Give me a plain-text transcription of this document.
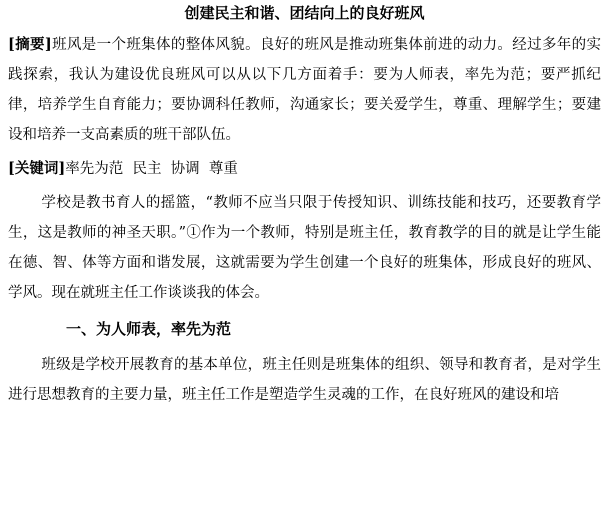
创建民主和谐、团结向上的良好班风

[摘要]班风是一个班集体的整体风貌。良好的班风是推动班集体前进的动力。经过多年的实践探索，我认为建设优良班风可以从以下几方面着手：要为人师表，率先为范；要严抓纪律，培养学生自育能力；要协调科任教师，沟通家长；要关爱学生，尊重、理解学生；要建设和培养一支高素质的班干部队伍。

[关键词]率先为范  民主  协调  尊重

学校是教书育人的摇篮，“教师不应当只限于传授知识、训练技能和技巧，还要教育学生，这是教师的神圣天职。”①作为一个教师，特别是班主任，教育教学的目的就是让学生能在德、智、体等方面和谐发展，这就需要为学生创建一个良好的班集体，形成良好的班风、学风。现在就班主任工作谈谈我的体会。

一、为人师表，率先为范

班级是学校开展教育的基本单位，班主任则是班集体的组织、领导和教育者，是对学生进行思想教育的主要力量，班主任工作是塑造学生灵魂的工作，在良好班风的建设和培
